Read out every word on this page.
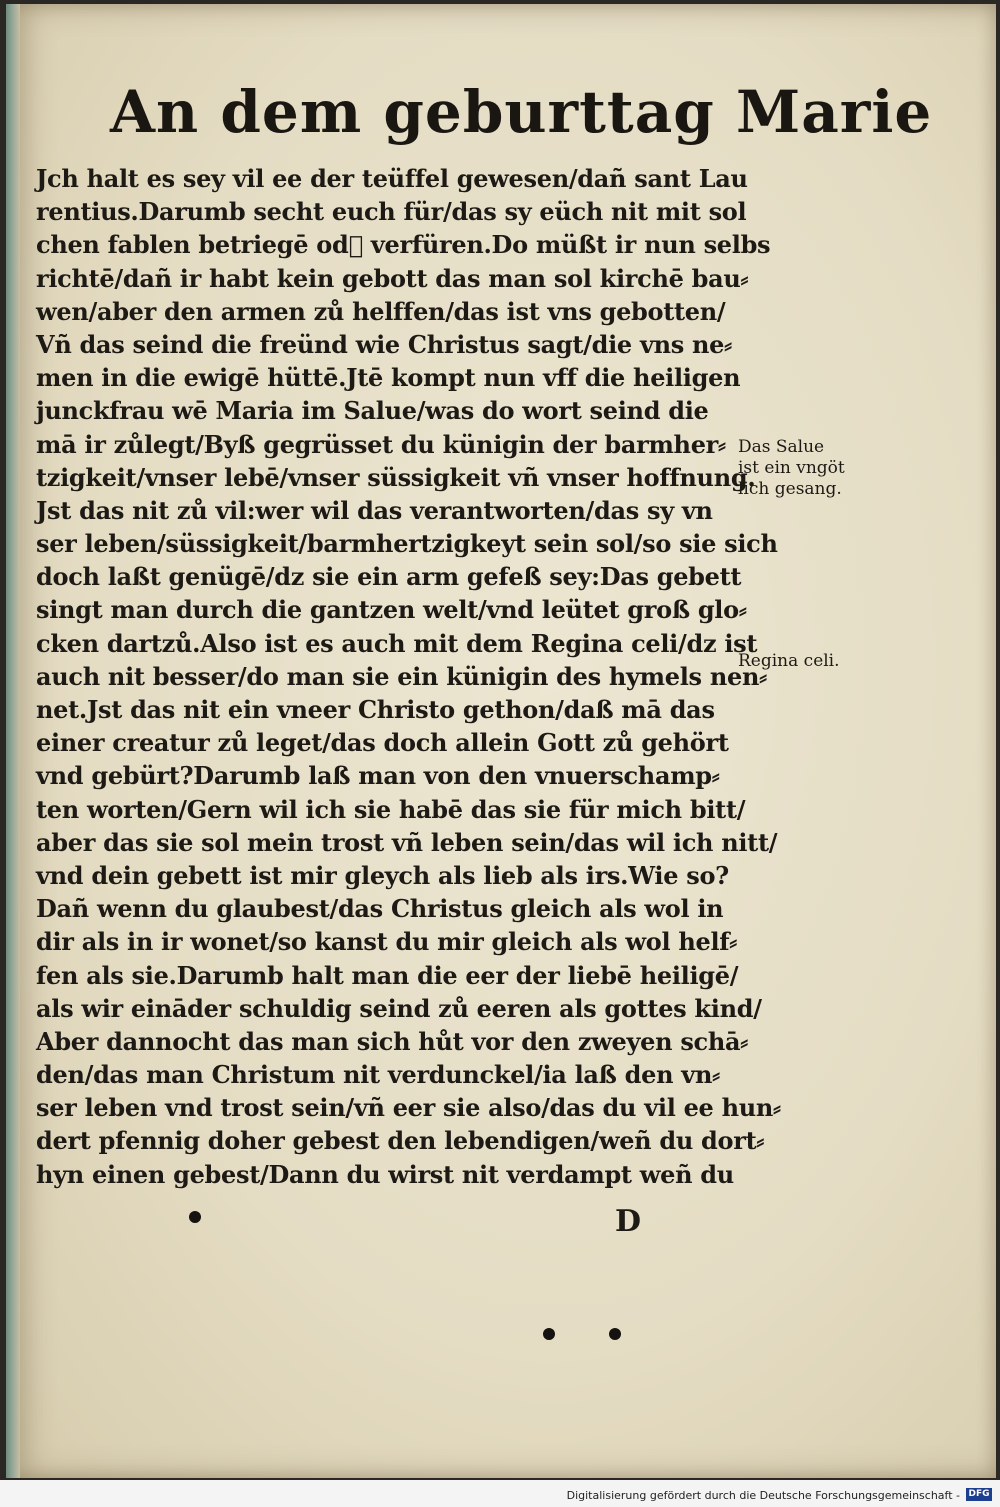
An dem geburttag Marie
Jch halt es sey vil ee der teüffel gewesen/dañ sant Lau
rentius.Darumb secht euch für/das sy eüch nit mit sol
chen fablen betriegē od᷑ verfüren.Do müßt ir nun selbs
richtē/dañ ir habt kein gebott das man sol kirchē bau⸗
wen/aber den armen zů helffen/das ist vns gebotten/
Vñ das seind die freünd wie Christus sagt/die vns ne⸗
men in die ewigē hüttē.Jtē kompt nun vff die heiligen
junckfrau wē Maria im Salue/was do wort seind die
mā ir zůlegt/Byß gegrüsset du künigin der barmher⸗
tzigkeit/vnser lebē/vnser süssigkeit vñ vnser hoffnung.
Jst das nit zů vil:wer wil das verantworten/das sy vn
ser leben/süssigkeit/barmhertzigkeyt sein sol/so sie sich
doch laßt genügē/dz sie ein arm gefeß sey:Das gebett
singt man durch die gantzen welt/vnd leütet groß glo⸗
cken dartzů.Also ist es auch mit dem Regina celi/dz ist
auch nit besser/do man sie ein künigin des hymels nen⸗
net.Jst das nit ein vneer Christo gethon/daß mā das
einer creatur zů leget/das doch allein Gott zů gehört
vnd gebürt?Darumb laß man von den vnuerschamp⸗
ten worten/Gern wil ich sie habē das sie für mich bitt/
aber das sie sol mein trost vñ leben sein/das wil ich nitt/
vnd dein gebett ist mir gleych als lieb als irs.Wie so?
Dañ wenn du glaubest/das Christus gleich als wol in
dir als in ir wonet/so kanst du mir gleich als wol helf⸗
fen als sie.Darumb halt man die eer der liebē heiligē/
als wir eināder schuldig seind zů eeren als gottes kind/
Aber dannocht das man sich hůt vor den zweyen schā⸗
den/das man Christum nit verdunckel/ia laß den vn⸗
ser leben vnd trost sein/vñ eer sie also/das du vil ee hun⸗
dert pfennig doher gebest den lebendigen/weñ du dort⸗
hyn einen gebest/Dann du wirst nit verdampt weñ du
Das Salue
ist ein vngöt
lich gesang.
Regina celi.
D
Digitalisierung gefördert durch die Deutsche Forschungsgemeinschaft - DFG
